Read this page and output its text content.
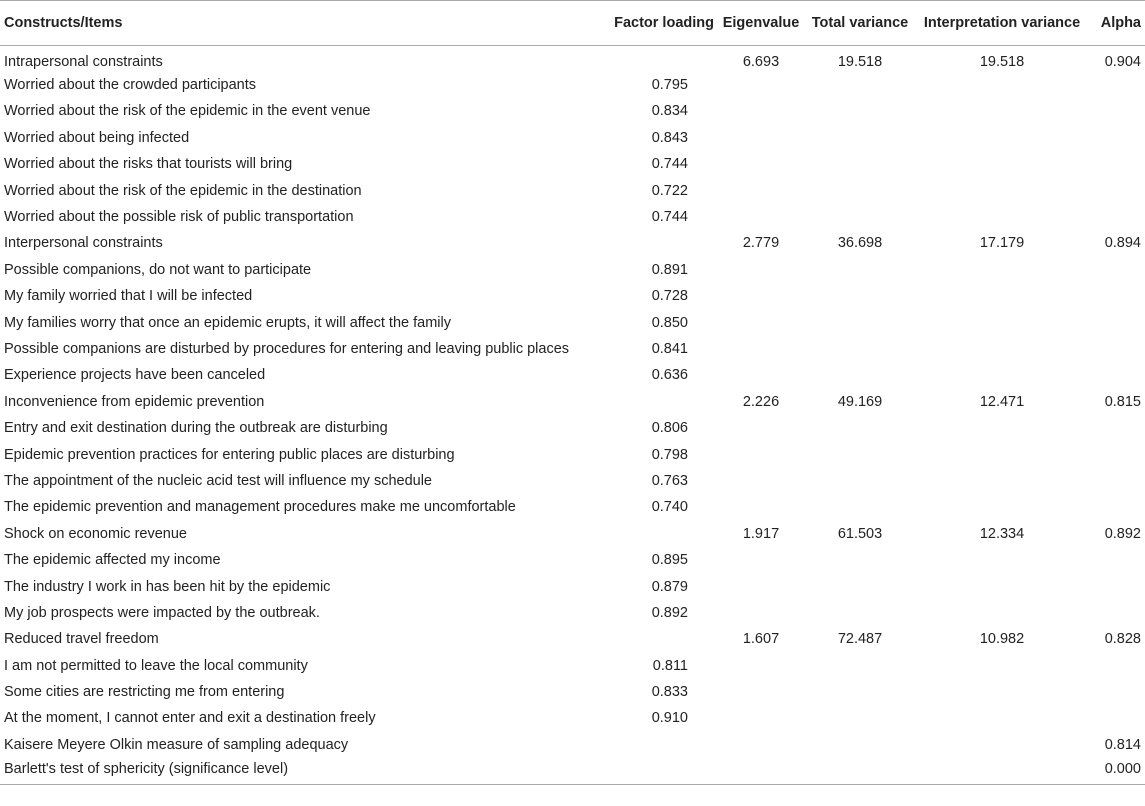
Constructs/Items	Factor loading	Eigenvalue	Total variance	Interpretation variance	Alpha
Intrapersonal constraints		6.693	19.518	19.518	0.904
Worried about the crowded participants	0.795				
Worried about the risk of the epidemic in the event venue	0.834				
Worried about being infected	0.843				
Worried about the risks that tourists will bring	0.744				
Worried about the risk of the epidemic in the destination	0.722				
Worried about the possible risk of public transportation	0.744				
Interpersonal constraints		2.779	36.698	17.179	0.894
Possible companions, do not want to participate	0.891				
My family worried that I will be infected	0.728				
My families worry that once an epidemic erupts, it will affect the family	0.850				
Possible companions are disturbed by procedures for entering and leaving public places	0.841				
Experience projects have been canceled	0.636				
Inconvenience from epidemic prevention		2.226	49.169	12.471	0.815
Entry and exit destination during the outbreak are disturbing	0.806				
Epidemic prevention practices for entering public places are disturbing	0.798				
The appointment of the nucleic acid test will influence my schedule	0.763				
The epidemic prevention and management procedures make me uncomfortable	0.740				
Shock on economic revenue		1.917	61.503	12.334	0.892
The epidemic affected my income	0.895				
The industry I work in has been hit by the epidemic	0.879				
My job prospects were impacted by the outbreak.	0.892				
Reduced travel freedom		1.607	72.487	10.982	0.828
I am not permitted to leave the local community	0.811				
Some cities are restricting me from entering	0.833				
At the moment, I cannot enter and exit a destination freely	0.910				
Kaisere Meyere Olkin measure of sampling adequacy					0.814
Barlett's test of sphericity (significance level)					0.000
